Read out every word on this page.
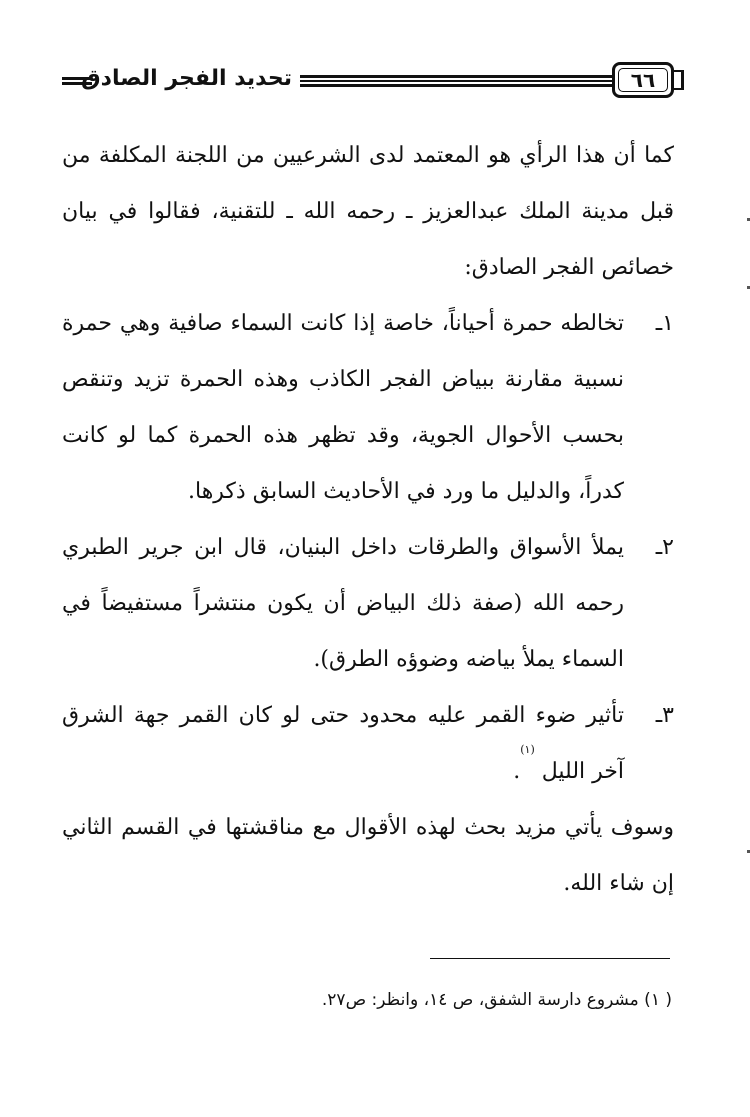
تحديد الفجر الصادق	٦٦

كما أن هذا الرأي هو المعتمد لدى الشرعيين من اللجنة المكلفة من قبل مدينة الملك عبدالعزيز ـ رحمه الله ـ للتقنية، فقالوا في بيان خصائص الفجر الصادق:

١ـ
تخالطه حمرة أحياناً، خاصة إذا كانت السماء صافية وهي حمرة نسبية مقارنة ببياض الفجر الكاذب وهذه الحمرة تزيد وتنقص بحسب الأحوال الجوية، وقد تظهر هذه الحمرة كما لو كانت كدراً، والدليل ما ورد في الأحاديث السابق ذكرها.
٢ـ
يملأ الأسواق والطرقات داخل البنيان، قال ابن جرير الطبري رحمه الله (صفة ذلك البياض أن يكون منتشراً مستفيضاً في السماء يملأ بياضه وضوؤه الطرق).
٣ـ
تأثير ضوء القمر عليه محدود حتى لو كان القمر جهة الشرق آخر الليل $^{(١)}$.

وسوف يأتي مزيد بحث لهذه الأقوال مع مناقشتها في القسم الثاني إن شاء الله.

( ١) مشروع دارسة الشفق، ص ١٤، وانظر: ص٢٧.
